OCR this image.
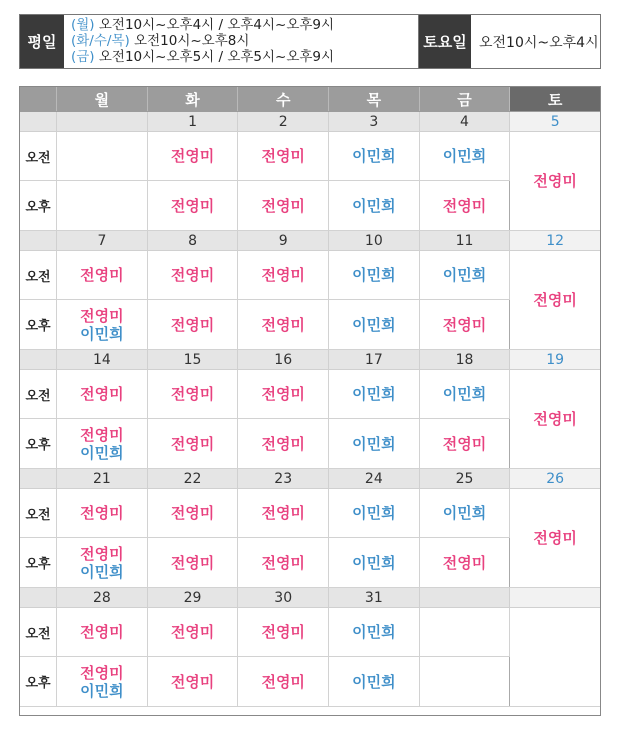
평일
(월) 오전10시~오후4시 / 오후4시~오후9시
(화/수/목) 오전10시~오후8시
(금) 오전10시~오후5시 / 오후5시~오후9시
토요일 오전10시~오후4시
	월	화	수	목	금	토
		1	2	3	4	5
오전		전영미	전영미	이민희	이민희	전영미

오후		전영미	전영미	이민희	전영미	

	7	8	9	10	11	12
오전	전영미	전영미	전영미	이민희	이민희	전영미

오후	전영미
이민희	전영미	전영미	이민희	전영미	

	14	15	16	17	18	19
오전	전영미	전영미	전영미	이민희	이민희	전영미

오후	전영미
이민희	전영미	전영미	이민희	전영미	

	21	22	23	24	25	26
오전	전영미	전영미	전영미	이민희	이민희	전영미

오후	전영미
이민희	전영미	전영미	이민희	전영미	

	28	29	30	31		
오전	전영미	전영미	전영미	이민희		

오후	전영미
이민희	전영미	전영미	이민희		
